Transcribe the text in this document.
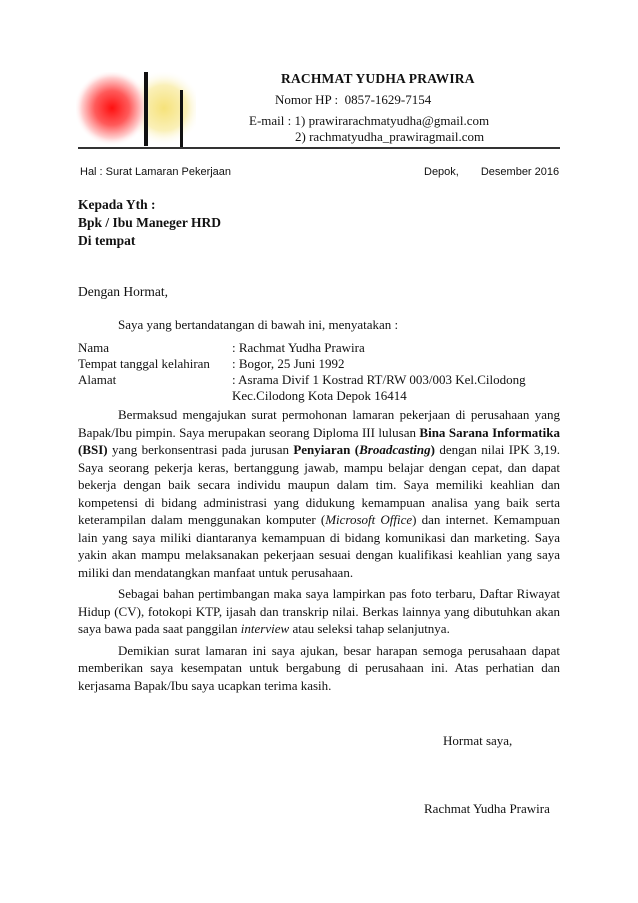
RACHMAT YUDHA PRAWIRA
Nomor HP : 0857-1629-7154
E-mail : 1) prawirarachmatyudha@gmail.com
2) rachmatyudha_prawiragmail.com
Hal : Surat Lamaran Pekerjaan	Depok, Desember 2016
Kepada Yth :
Bpk / Ibu Maneger HRD
Di tempat
Dengan Hormat,
Saya yang bertandatangan di bawah ini, menyatakan :
Nama	: Rachmat Yudha Prawira
Tempat tanggal kelahiran	: Bogor, 25 Juni 1992
Alamat	: Asrama Divif 1 Kostrad RT/RW 003/003 Kel.Cilodong
	Kec.Cilodong Kota Depok 16414

Bermaksud mengajukan surat permohonan lamaran pekerjaan di perusahaan yang Bapak/Ibu pimpin. Saya merupakan seorang Diploma III lulusan Bina Sarana Informatika (BSI) yang berkonsentrasi pada jurusan Penyiaran (Broadcasting) dengan nilai IPK 3,19. Saya seorang pekerja keras, bertanggung jawab, mampu belajar dengan cepat, dan dapat bekerja dengan baik secara individu maupun dalam tim. Saya memiliki keahlian dan kompetensi di bidang administrasi yang didukung kemampuan analisa yang baik serta keterampilan dalam menggunakan komputer (Microsoft Office) dan internet. Kemampuan lain yang saya miliki diantaranya kemampuan di bidang komunikasi dan marketing. Saya yakin akan mampu melaksanakan pekerjaan sesuai dengan kualifikasi keahlian yang saya miliki dan mendatangkan manfaat untuk perusahaan.

Sebagai bahan pertimbangan maka saya lampirkan pas foto terbaru, Daftar Riwayat Hidup (CV), fotokopi KTP, ijasah dan transkrip nilai. Berkas lainnya yang dibutuhkan akan saya bawa pada saat panggilan interview atau seleksi tahap selanjutnya.

Demikian surat lamaran ini saya ajukan, besar harapan semoga perusahaan dapat memberikan saya kesempatan untuk bergabung di perusahaan ini. Atas perhatian dan kerjasama Bapak/Ibu saya ucapkan terima kasih.

Hormat saya,
Rachmat Yudha Prawira
